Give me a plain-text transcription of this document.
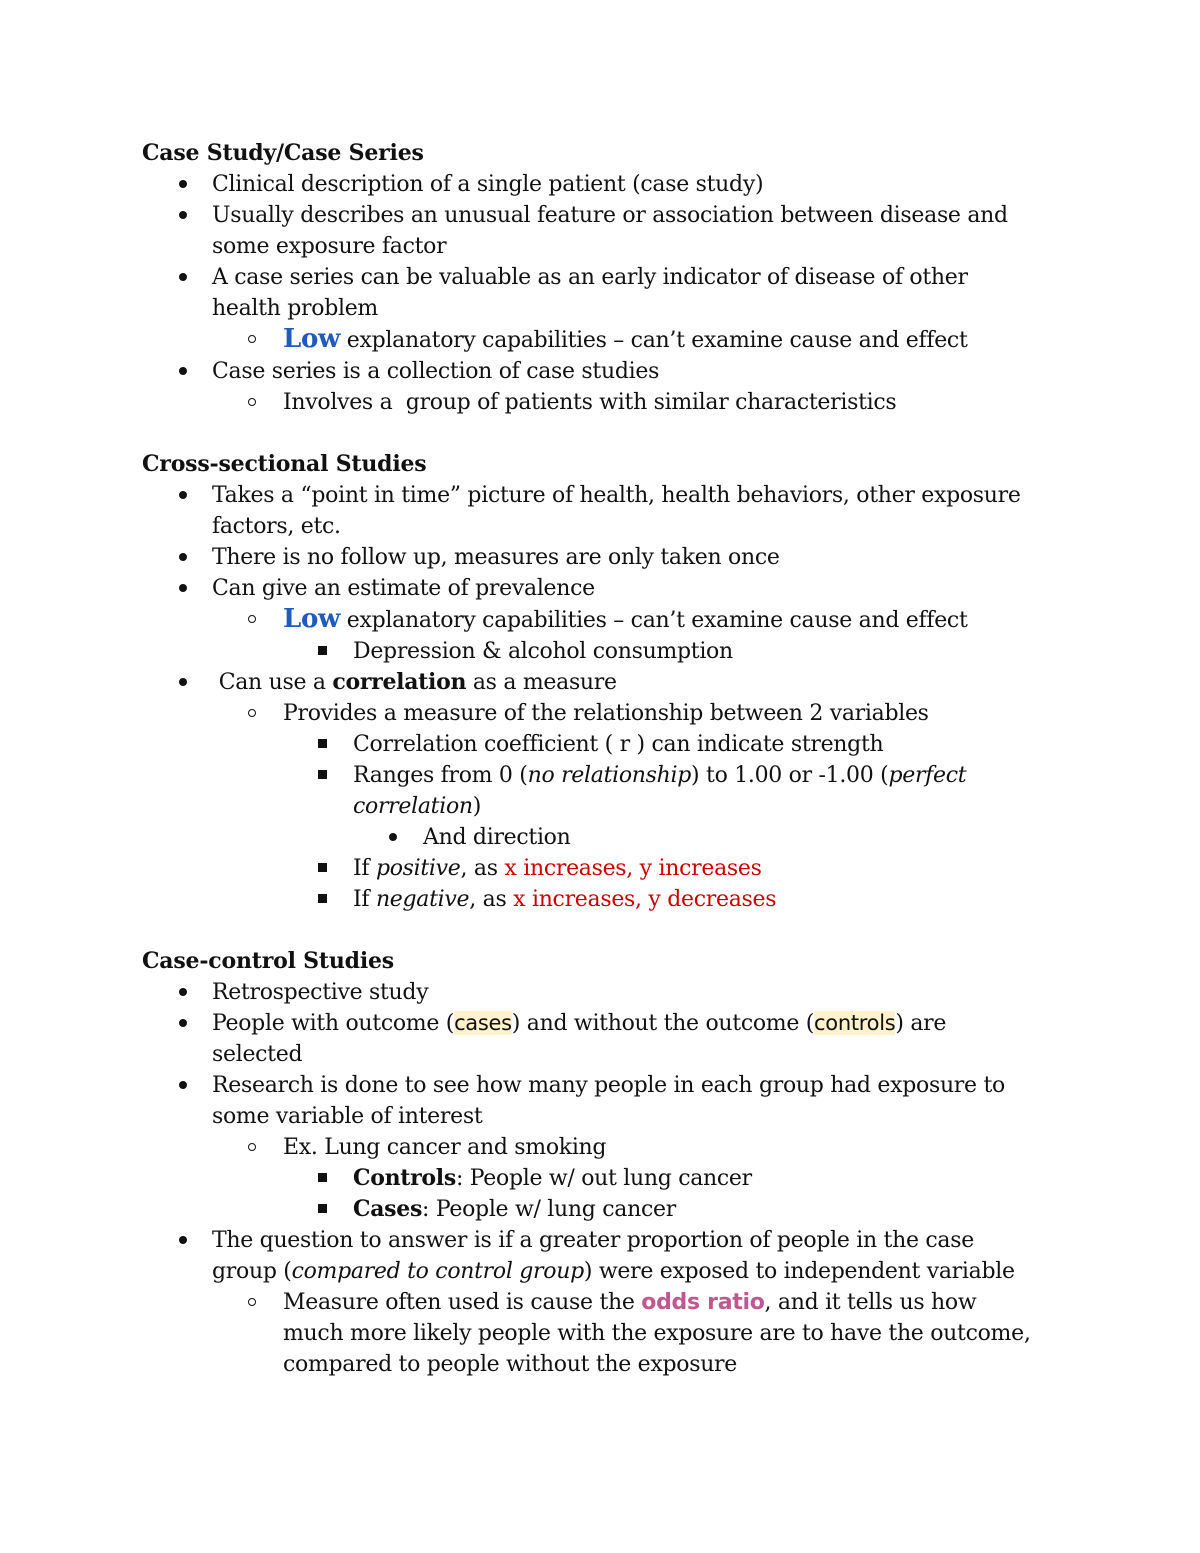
Case Study/Case Series
Clinical description of a single patient (case study)
Usually describes an unusual feature or association between disease and some exposure factor
A case series can be valuable as an early indicator of disease of other health problem
Low explanatory capabilities – can’t examine cause and effect
Case series is a collection of case studies
Involves a  group of patients with similar characteristics
Cross-sectional Studies
Takes a “point in time” picture of health, health behaviors, other exposure factors, etc.
There is no follow up, measures are only taken once
Can give an estimate of prevalence
Low explanatory capabilities – can’t examine cause and effect
Depression & alcohol consumption
Can use a correlation as a measure
Provides a measure of the relationship between 2 variables
Correlation coefficient ( r ) can indicate strength
Ranges from 0 (no relationship) to 1.00 or -1.00 (perfect correlation)
And direction
If positive, as x increases, y increases
If negative, as x increases, y decreases
Case-control Studies
Retrospective study
People with outcome (cases) and without the outcome (controls) are selected
Research is done to see how many people in each group had exposure to some variable of interest
Ex. Lung cancer and smoking
Controls: People w/ out lung cancer
Cases: People w/ lung cancer
The question to answer is if a greater proportion of people in the case group (compared to control group) were exposed to independent variable
Measure often used is cause the odds ratio, and it tells us how much more likely people with the exposure are to have the outcome, compared to people without the exposure
